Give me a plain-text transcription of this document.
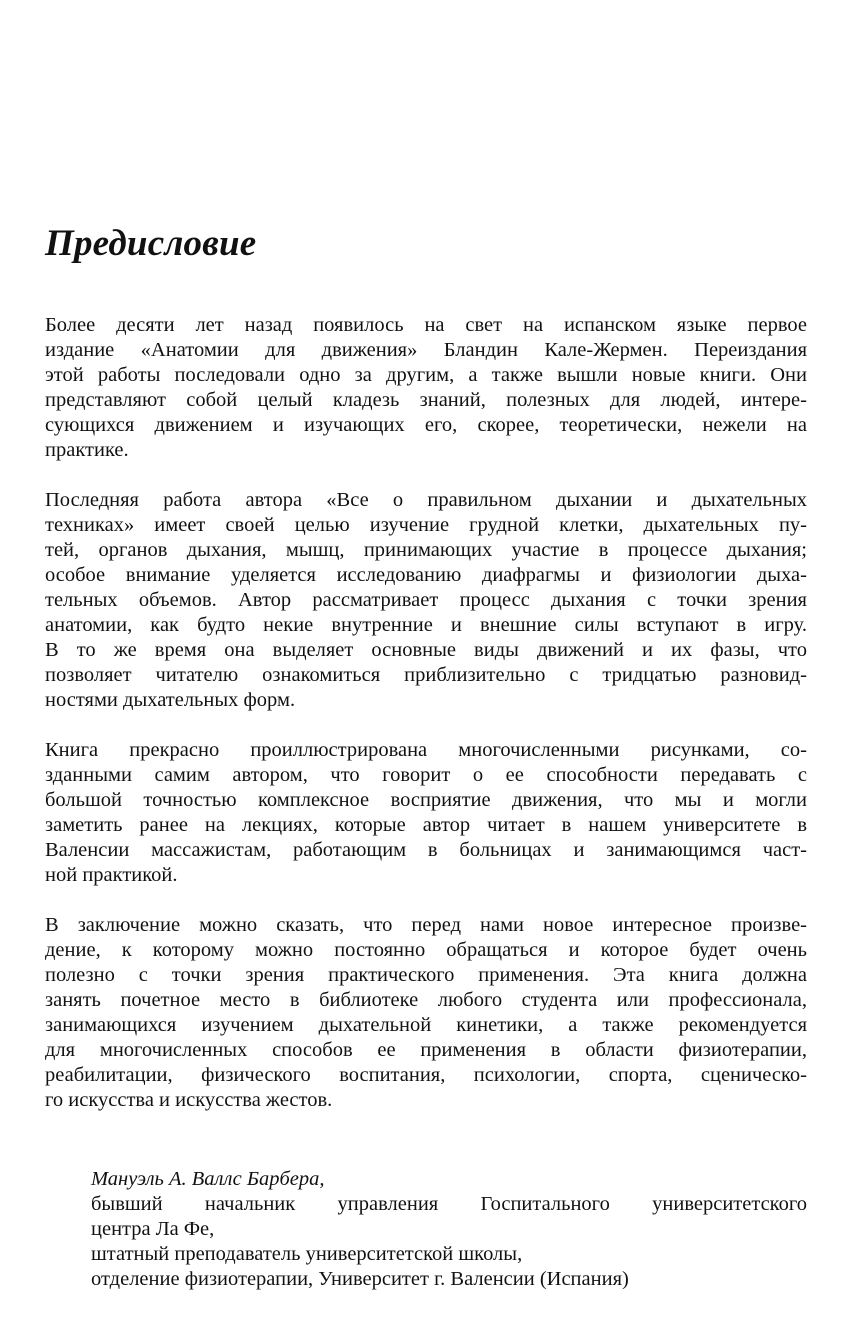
Предисловие

Более десяти лет назад появилось на свет на испанском языке первое
издание «Анатомии для движения» Бландин Кале-Жермен. Переиздания
этой работы последовали одно за другим, а также вышли новые книги. Они
представляют собой целый кладезь знаний, полезных для людей, интере-
сующихся движением и изучающих его, скорее, теоретически, нежели на
практике.

Последняя работа автора «Все о правильном дыхании и дыхательных
техниках» имеет своей целью изучение грудной клетки, дыхательных пу-
тей, органов дыхания, мышц, принимающих участие в процессе дыхания;
особое внимание уделяется исследованию диафрагмы и физиологии дыха-
тельных объемов. Автор рассматривает процесс дыхания с точки зрения
анатомии, как будто некие внутренние и внешние силы вступают в игру.
В то же время она выделяет основные виды движений и их фазы, что
позволяет читателю ознакомиться приблизительно с тридцатью разновид-
ностями дыхательных форм.

Книга прекрасно проиллюстрирована многочисленными рисунками, со-
зданными самим автором, что говорит о ее способности передавать с
большой точностью комплексное восприятие движения, что мы и могли
заметить ранее на лекциях, которые автор читает в нашем университете в
Валенсии массажистам, работающим в больницах и занимающимся част-
ной практикой.

В заключение можно сказать, что перед нами новое интересное произве-
дение, к которому можно постоянно обращаться и которое будет очень
полезно с точки зрения практического применения. Эта книга должна
занять почетное место в библиотеке любого студента или профессионала,
занимающихся изучением дыхательной кинетики, а также рекомендуется
для многочисленных способов ее применения в области физиотерапии,
реабилитации, физического воспитания, психологии, спорта, сценическо-
го искусства и искусства жестов.

Мануэль А. Валлс Барбера,
бывший начальник управления Госпитального университетского
центра Ла Фе,
штатный преподаватель университетской школы,
отделение физиотерапии, Университет г. Валенсии (Испания)
